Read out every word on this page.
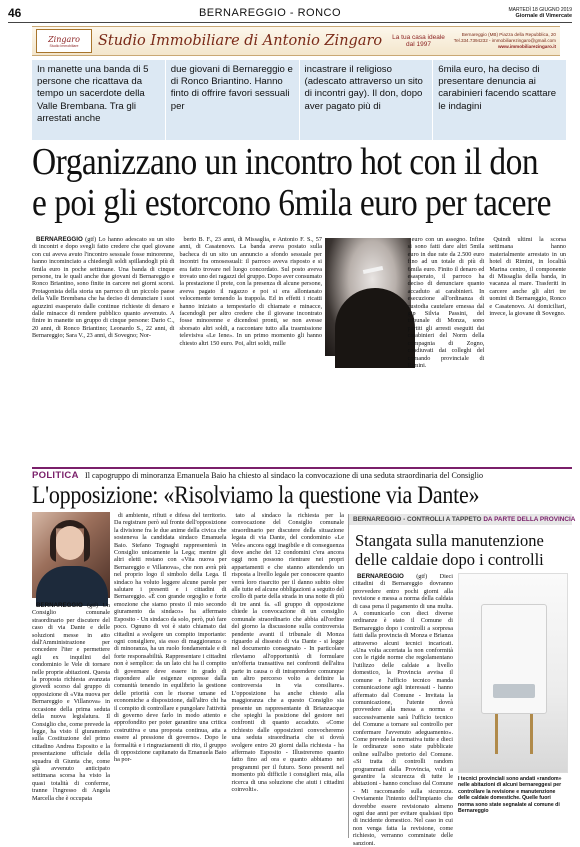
46	BERNAREGGIO - RONCO	MARTEDÌ 18 GIUGNO 2019
Giornale di Vimercate
Zingaro
Studio Immobiliare Studio Immobiliare di Antonio Zingaro La tua casa ideale
dal 1997
Bernareggio (MB) Piazza della Repubblica, 20
Tel.334.7394232 - immobiliarezingaro@gmail.com
www.immobiliarezingaro.it
In manette una banda di 5 persone che ricattava da tempo un sacerdote della Valle Brembana. Tra gli arrestati anche
due giovani di Bernareggio e di Ronco Briantino. Hanno finto di offrire favori sessuali per
incastrare il religioso (adescato attraverso un sito di incontri gay). Il don, dopo aver pagato più di
6mila euro, ha deciso di presentare denuncia ai carabinieri facendo scattare le indagini
Organizzano un incontro hot con il don
e poi gli estorcono 6mila euro per tacere

BERNAREGGIO (gtf) Lo hanno adescato su un sito di incontri e dopo svegli fatto credere che quel giovane con cui aveva avuto l'incontro sessuale fosse minorenne, hanno incominciato a chiedergli soldi spillandogli più di 6mila euro in poche settimane. Una banda di cinque persone, tra le quali anche due giovani di Bernareggio e Ronco Briantino, sono finite in carcere nei giorni scorsi. Protagonista della storia un parroco di un piccolo paese della Valle Brembana che ha deciso di denunciare i suoi aguzzini esasperato dalle continue richieste di denaro e dalle minacce di rendere pubblico quanto avvenuto. A finire in manette un gruppo di cinque persone: Dario C., 20 anni, di Ronco Briantino; Leonardo S., 22 anni, di Bernareggio; Sara V., 23 anni, di Sovegno; Nor-

berto B. F., 23 anni, di Missaglia, e Antonio F. S., 57 anni, di Casatenovo. La banda aveva postato sulla bacheca di un sito un annuncio a sfondo sessuale per incontri fra omosessuali: il parroco aveva risposto e si era fatto trovare nel luogo concordato. Sul posto aveva trovato uno dei ragazzi del gruppo. Dopo aver consumato la prestazione il prete, con la presenza di alcune persone, aveva pagato il ragazzo e poi si era allontanato velocemente temendo la trappola. Ed in effetti i ricatti hanno iniziato a tempestarlo di chiamate e minacce, facendogli per altro credere che il giovane incontrato fosse minorenne e dicendosi pronti, se non avesse sborsato altri soldi, a raccontare tutto alla trasmissione televisiva «Le Iene». In un primo momento gli hanno chiesto altri 150 euro. Poi, altri soldi, mille

euro con un assegno. Infine si sono fatti dare altri 5mila euro in due rate da 2.500 euro fino ad un totale di più di 6mila euro. Finito il denaro ed esasperato, il parroco ha deciso di denunciare quanto accaduto ai carabinieri. In esecuzione all'ordinanza di custodia cautelare emessa dal gip Silvia Passini, del tribunale di Monza, sono partiti gli arresti eseguiti dai carabinieri del Norm della compagnia di Zogno, coadiuvati dai colleghi del comando provinciale di Rimini.

Quindi ultimi la scorsa settimana hanno materialmente arrestato in un hotel di Rimini, in località Marina centro, il componente di Missaglia della banda, in vacanza al mare. Trasferiti in carcere anche gli altri tre uomini di Bernareggio, Ronco e Casatenovo. Ai domiciliari, invece, la giovane di Sovegno.

POLITICA Il capogruppo di minoranza Emanuela Baio ha chiesto al sindaco la convocazione di una seduta straordinaria del Consiglio
L'opposizione: «Risolviamo la questione via Dante»

BERNAREGGIO (gtf) Un Consiglio comunale straordinario per discutere del caso di via Dante e delle soluzioni messe in atto dall'Amministrazione per concedere l'iter e permettere agli ex inquilini del condominio le Vele di tornare nelle proprie abitazioni. Questa la proposta richiesta avanzata giovedì scorso dal gruppo di opposizione di «Vita nuova per Bernareggio e Villanova» in occasione della prima seduta della nuova legislatura. Il Consiglio che, come prevede la legge, ha visto il giuramento sulla Costituzione del primo cittadino Andrea Esposito e la presentazione ufficiale della squadra di Giunta che, come già avvenuto anticipato settimana scorsa ha visto la quasi totalità di conferme, tranne l'ingresso di Angela Marcella che è occupata

di ambiente, rifiuti e difesa del territorio. Da registrare però sul fronte dell'opposizione la divisione fra le due anime della civica che sosteneva la candidata sindaco Emanuela Baio. Stefano Tognaghi rappresenterà in Consiglio unicamente la Lega; mentre gli altri eletti restano con «Vita nuova per Bernareggio e Villanova», che non avrà più nel proprio logo il simbolo della Lega. Il sindaco ha voluto leggere alcune parole per salutare i presenti e i cittadini di Bernareggio. «È con grande orgoglio e forte emozione che siamo presto il mio secondo giuramento da sindaco» ha affermato Esposito - Un sindaco da solo, però, può fare poco. Ognuno di voi è stato chiamato dai cittadini a svolgere un compito importante: ogni consigliere, sia esso di maggioranza o di minoranza, ha un ruolo fondamentale e di forte responsabilità. Rappresentare i cittadini non è semplice: da un lato chi ha il compito di governare deve essere in grado di rispondere alle esigenze espresse dalla comunità tenendo in equilibrio la gestione delle priorità con le risorse umane ed economiche a disposizione, dall'altro chi ha il compito di controllare e pungolare l'attività di governo deve farlo in modo attento e approfondito per poter garantire una critica costruttiva e una proposta continua, atta a essere al pressione di governo». Dopo le formalità e i ringraziamenti di rito, il gruppo di opposizione capitanato da Emanuela Baio ha por-

tato al sindaco la richiesta per la convocazione del Consiglio comunale straordinario per discutere della situazione legata di via Dante, del condominio «Le Vele» ancora oggi inagibile e di conseguenza dove anche dei 12 condomini c'era ancora oggi non possono rientrare nei propri appartamenti e che stanno attendendo un risposta a livello legale per conoscere quanto verrà loro risarcito per il danno subito oltre alle tutte ed alcune obbligazioni a seguito del crollo di parte della strada in una notte di più di tre anni fa. «Il gruppo di opposizione chiede la convocazione di un consiglio comunale straordinario che abbia all'ordine del giorno la discussione sulla controversia pendente avanti il tribunale di Monza riguardo al dissesto di via Dante - si legge nel documento consegnato - In particolare rileviamo all'opportunità di formulare un'offerta transattiva nei confronti dell'altra parte in causa o di intraprendere comunque un altro percorso volto a definire la controversia in via consiliare». L'opposizione ha anche chiesto alla maggioranza che a questo Consiglio sia presente un rappresentante di Brianzacque che spieghi la posizione del gestore nei confronti di quanto accaduto. «Come richiesto dalle opposizioni convocheremo una seduta straordinaria che si dovrà svolgere entro 20 giorni dalla richiesta - ha affermato Esposito - Illustreremo quanto fatto fino ad ora e quanto abbiamo nei programmi per il futuro. Sono presenti nel momento più difficile i consiglieri mia, alla ricerca di una soluzione che aiuti i cittadini coinvolti».

BERNAREGGIO - CONTROLLI A TAPPETO DA PARTE DELLA PROVINCIA
Stangata sulla manutenzione delle caldaie dopo i controlli

BERNAREGGIO (gtf) Dieci cittadini di Bernareggio dovranno provvedere entro pochi giorni alla revisione e messa a norma della caldaia di casa pena il pagamento di una multa. A comunicarlo con dieci diverse ordinanze è stato il Comune di Bernareggio dopo i controlli a sorpresa fatti dalla provincia di Monza e Brianza attraverso alcuni tecnici incaricati. «Una volta accertata la non conformità con le rigide norme che regolamentano l'utilizzo delle caldaie a livello domestico, la Provincia avvisa il comune e l'ufficio tecnico manda comunicazione agli interessati - hanno affermato dal Comune - Invitata la comunicazione, l'utente dovrà provvedere alla messa a norma e successivamente sarà l'ufficio tecnico del Comune a tornare sul controllo per confermare l'avvenuto adeguamento». Come prevede la normativa tutte e dieci le ordinanze sono state pubblicate online sull'albo pretorio del Comune. «Si tratta di controlli random programmati dalla Provincia, volti a garantire la sicurezza di tutte le abitazioni - hanno concluso dal Comune - Mi raccomando sulla sicurezza. Ovviamente l'intento dell'impianto che dovrebbe essere revisionato almeno ogni due anni per evitare qualsiasi tipo di incidente domestico. Nel caso in cui non venga fatta la revisione, come richiesto, verranno comminate delle sanzioni.

I tecnici provinciali sono andati «random» nelle abitazioni di alcuni bernareggesi per controllare la revisione e manutenzione delle caldaie domestiche. Quelle fuori norma sono state segnalate al comune di Bernareggio
